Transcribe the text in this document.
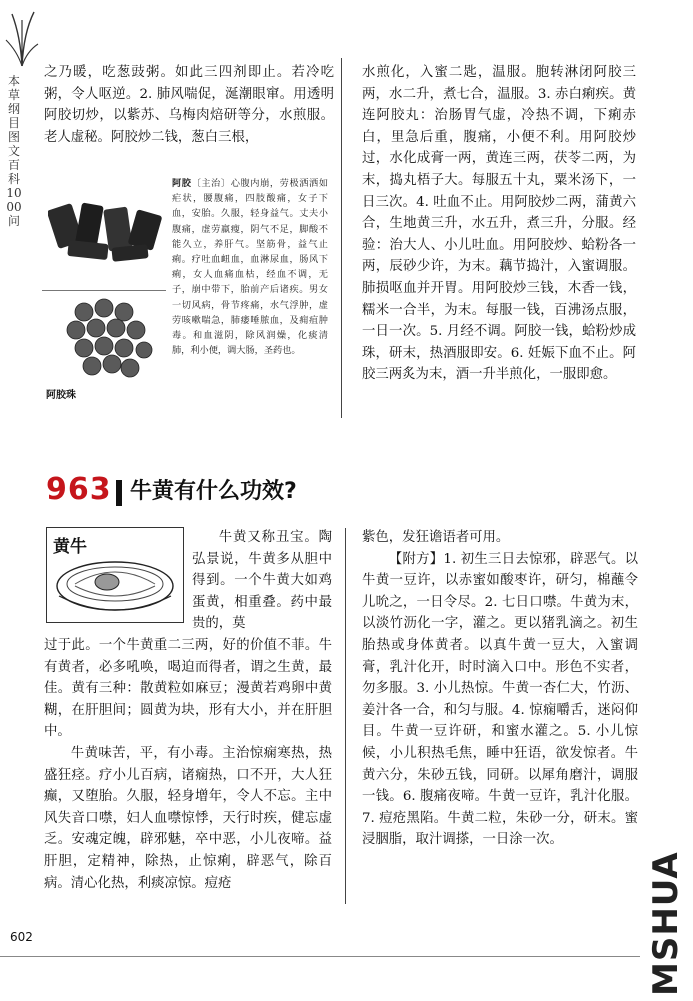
本草纲目图文百科1000问

之乃暖，吃葱豉粥。如此三四剂即止。若冷吃粥，令人呕逆。2. 肺风喘促，涎潮眼窜。用透明阿胶切炒，以紫苏、乌梅肉焙研等分，水煎服。老人虚秘。阿胶炒二钱，葱白三根，

阿胶珠
阿胶〔主治〕心腹内崩，劳极洒洒如疟状，腰腹痛，四肢酸痛，女子下血，安胎。久服，轻身益气。丈夫小腹痛，虚劳羸瘦，阴气不足，脚酸不能久立，养肝气。坚筋骨，益气止痢。疗吐血衄血，血淋尿血，肠风下痢，女人血痛血枯，经血不调，无子，崩中带下，胎前产后诸疾。男女一切风病，骨节疼痛，水气浮肿，虚劳咳嗽喘急，肺痿唾脓血，及痈疽肿毒。和血滋阴，除风润燥，化痰清肺，利小便，调大肠，圣药也。

水煎化，入蜜二匙，温服。胞转淋闭阿胶三两，水二升，煮七合，温服。3. 赤白痢疾。黄连阿胶丸：治肠胃气虚，冷热不调，下痢赤白，里急后重，腹痛，小便不利。用阿胶炒过，水化成膏一两，黄连三两，茯苓二两，为末，捣丸梧子大。每服五十丸，粟米汤下，一日三次。4. 吐血不止。用阿胶炒二两，蒲黄六合，生地黄三升，水五升，煮三升，分服。经验：治大人、小儿吐血。用阿胶炒、蛤粉各一两，辰砂少许，为末。藕节捣汁，入蜜调服。肺损呕血并开胃。用阿胶炒三钱，木香一钱，糯米一合半，为末。每服一钱，百沸汤点服，一日一次。5. 月经不调。阿胶一钱，蛤粉炒成珠，研末，热酒服即安。6. 妊娠下血不止。阿胶三两炙为末，酒一升半煎化，一服即愈。

963 牛黄有什么功效?
黄牛	牛黄又称丑宝。陶弘景说，牛黄多从胆中得到。一个牛黄大如鸡蛋黄，相重叠。药中最贵的，莫

过于此。一个牛黄重二三两，好的价值不菲。牛有黄者，必多吼唤，喝迫而得者，谓之生黄，最佳。黄有三种：散黄粒如麻豆；漫黄若鸡卵中黄糊，在肝胆间；圆黄为块，形有大小，并在肝胆中。

牛黄味苦，平，有小毒。主治惊痫寒热，热盛狂痉。疗小儿百病，诸痫热，口不开，大人狂癫，又堕胎。久服，轻身增年，令人不忘。主中风失音口噤，妇人血噤惊悸，天行时疾，健忘虚乏。安魂定魄，辟邪魅，卒中恶，小儿夜啼。益肝胆，定精神，除热，止惊痢，辟恶气，除百病。清心化热，利痰凉惊。痘疮

紫色，发狂谵语者可用。

【附方】1. 初生三日去惊邪，辟恶气。以牛黄一豆许，以赤蜜如酸枣许，研匀，棉蘸令儿吮之，一日令尽。2. 七日口噤。牛黄为末，以淡竹沥化一字，灌之。更以猪乳滴之。初生胎热或身体黄者。以真牛黄一豆大，入蜜调膏，乳汁化开，时时滴入口中。形色不实者，勿多服。3. 小儿热惊。牛黄一杏仁大，竹沥、姜汁各一合，和匀与服。4. 惊痫嚼舌，迷闷仰目。牛黄一豆许研，和蜜水灌之。5. 小儿惊候，小儿积热毛焦，睡中狂语，欲发惊者。牛黄六分，朱砂五钱，同研。以犀角磨汁，调服一钱。6. 腹痛夜啼。牛黄一豆许，乳汁化服。7. 痘疮黑陷。牛黄二粒，朱砂一分，研末。蜜浸胭脂，取汁调搽，一日涂一次。

602	MSHUA
